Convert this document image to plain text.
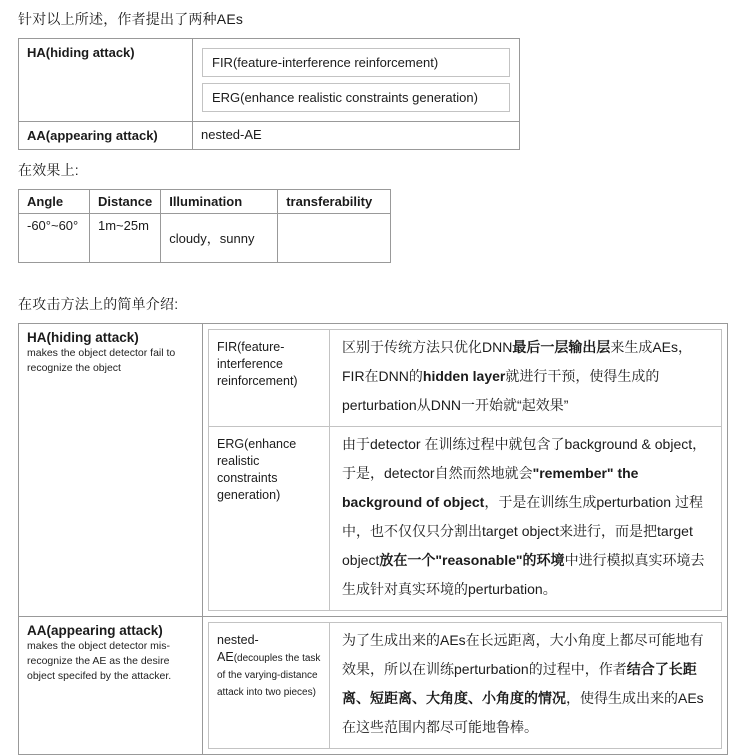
针对以上所述，作者提出了两种AEs
HA(hiding attack)	FIR(feature-interference reinforcement)
ERG(enhance realistic constraints generation)

AA(appearing attack)	nested-AE
在效果上:
Angle	Distance	Illumination	transferability
-60°~60°	1m~25m	cloudy，sunny	
在攻击方法上的简单介绍:
HA(hiding attack)
makes the object detector fail to recognize the object

FIR(feature-interference reinforcement)	区别于传统方法只优化DNN最后一层输出层来生成AEs，FIR在DNN的hidden layer就进行干预，使得生成的perturbation从DNN一开始就“起效果”
ERG(enhance realistic constraints generation)	由于detector 在训练过程中就包含了background & object，于是，detector自然而然地就会"remember" the background of object，于是在训练生成perturbation 过程中，也不仅仅只分割出target object来进行，而是把target object放在一个"reasonable"的环境中进行模拟真实环境去生成针对真实环境的perturbation。

AA(appearing attack)
makes the object detector mis-recognize the AE as the desire object specifed by the attacker.

nested-AE(decouples the task of the varying-distance attack into two pieces)	为了生成出来的AEs在长远距离，大小角度上都尽可能地有效果，所以在训练perturbation的过程中，作者结合了长距离、短距离、大角度、小角度的情况，使得生成出来的AEs在这些范围内都尽可能地鲁棒。
